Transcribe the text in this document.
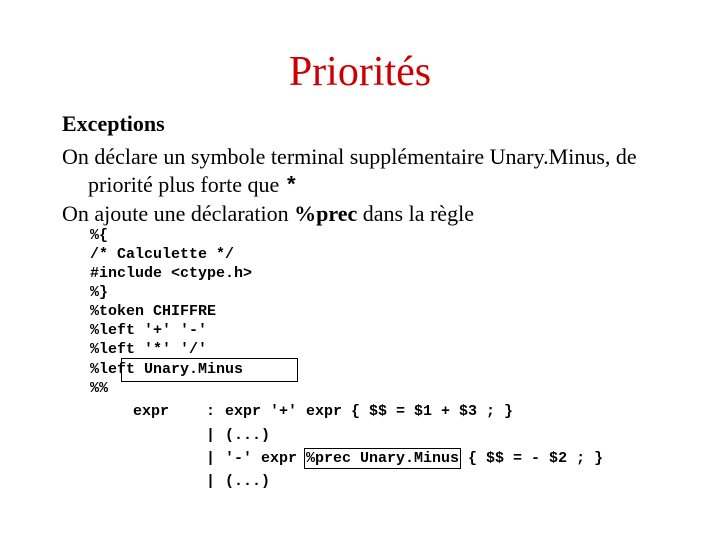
Priorités
Exceptions
On déclare un symbole terminal supplémentaire Unary.Minus, de
priorité plus forte que *
On ajoute une déclaration %prec dans la règle
%{
/* Calculette */
#include <ctype.h>
%}
%token CHIFFRE
%left '+' '-'
%left '*' '/'
%left Unary.Minus
%%
expr : expr '+' expr { $$ = $1 + $3 ; }
| (...)
| '-' expr %prec Unary.Minus { $$ = - $2 ; }
| (...)
